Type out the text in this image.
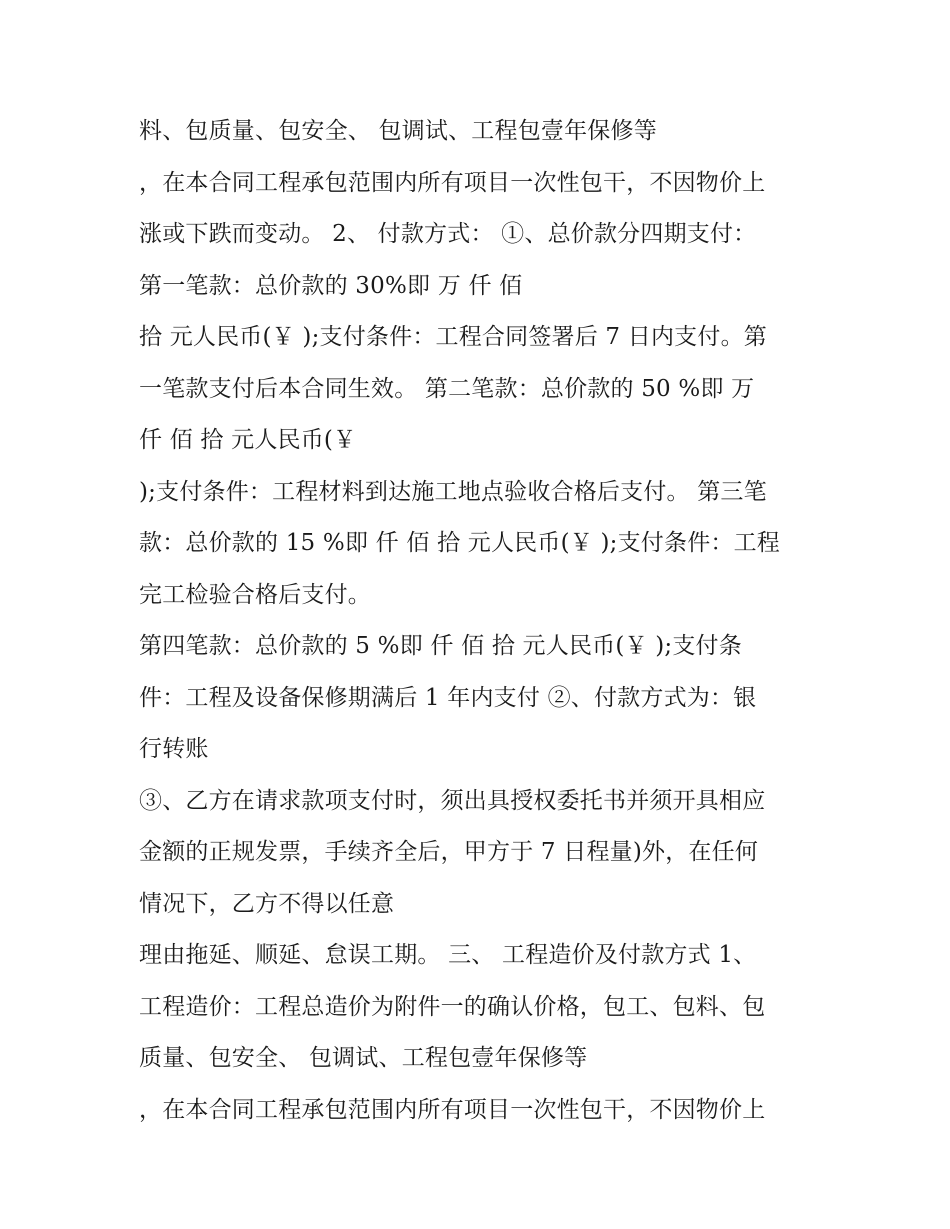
料、包质量、包安全、 包调试、工程包壹年保修等
，在本合同工程承包范围内所有项目一次性包干，不因物价上
涨或下跌而变动。 2、 付款方式： ①、总价款分四期支付：
第一笔款：总价款的 30%即 万 仟 佰
拾 元人民币(￥ );支付条件：工程合同签署后 7 日内支付。第
一笔款支付后本合同生效。 第二笔款：总价款的 50 %即 万
仟 佰 拾 元人民币(￥
);支付条件：工程材料到达施工地点验收合格后支付。 第三笔
款：总价款的 15 %即 仟 佰 拾 元人民币(￥ );支付条件：工程
完工检验合格后支付。
第四笔款：总价款的 5 %即 仟 佰 拾 元人民币(￥ );支付条
件：工程及设备保修期满后 1 年内支付 ②、付款方式为：银
行转账
③、乙方在请求款项支付时，须出具授权委托书并须开具相应
金额的正规发票，手续齐全后，甲方于 7 日程量)外，在任何
情况下，乙方不得以任意
理由拖延、顺延、怠误工期。 三、 工程造价及付款方式 1、
工程造价：工程总造价为附件一的确认价格，包工、包料、包
质量、包安全、 包调试、工程包壹年保修等
，在本合同工程承包范围内所有项目一次性包干，不因物价上
